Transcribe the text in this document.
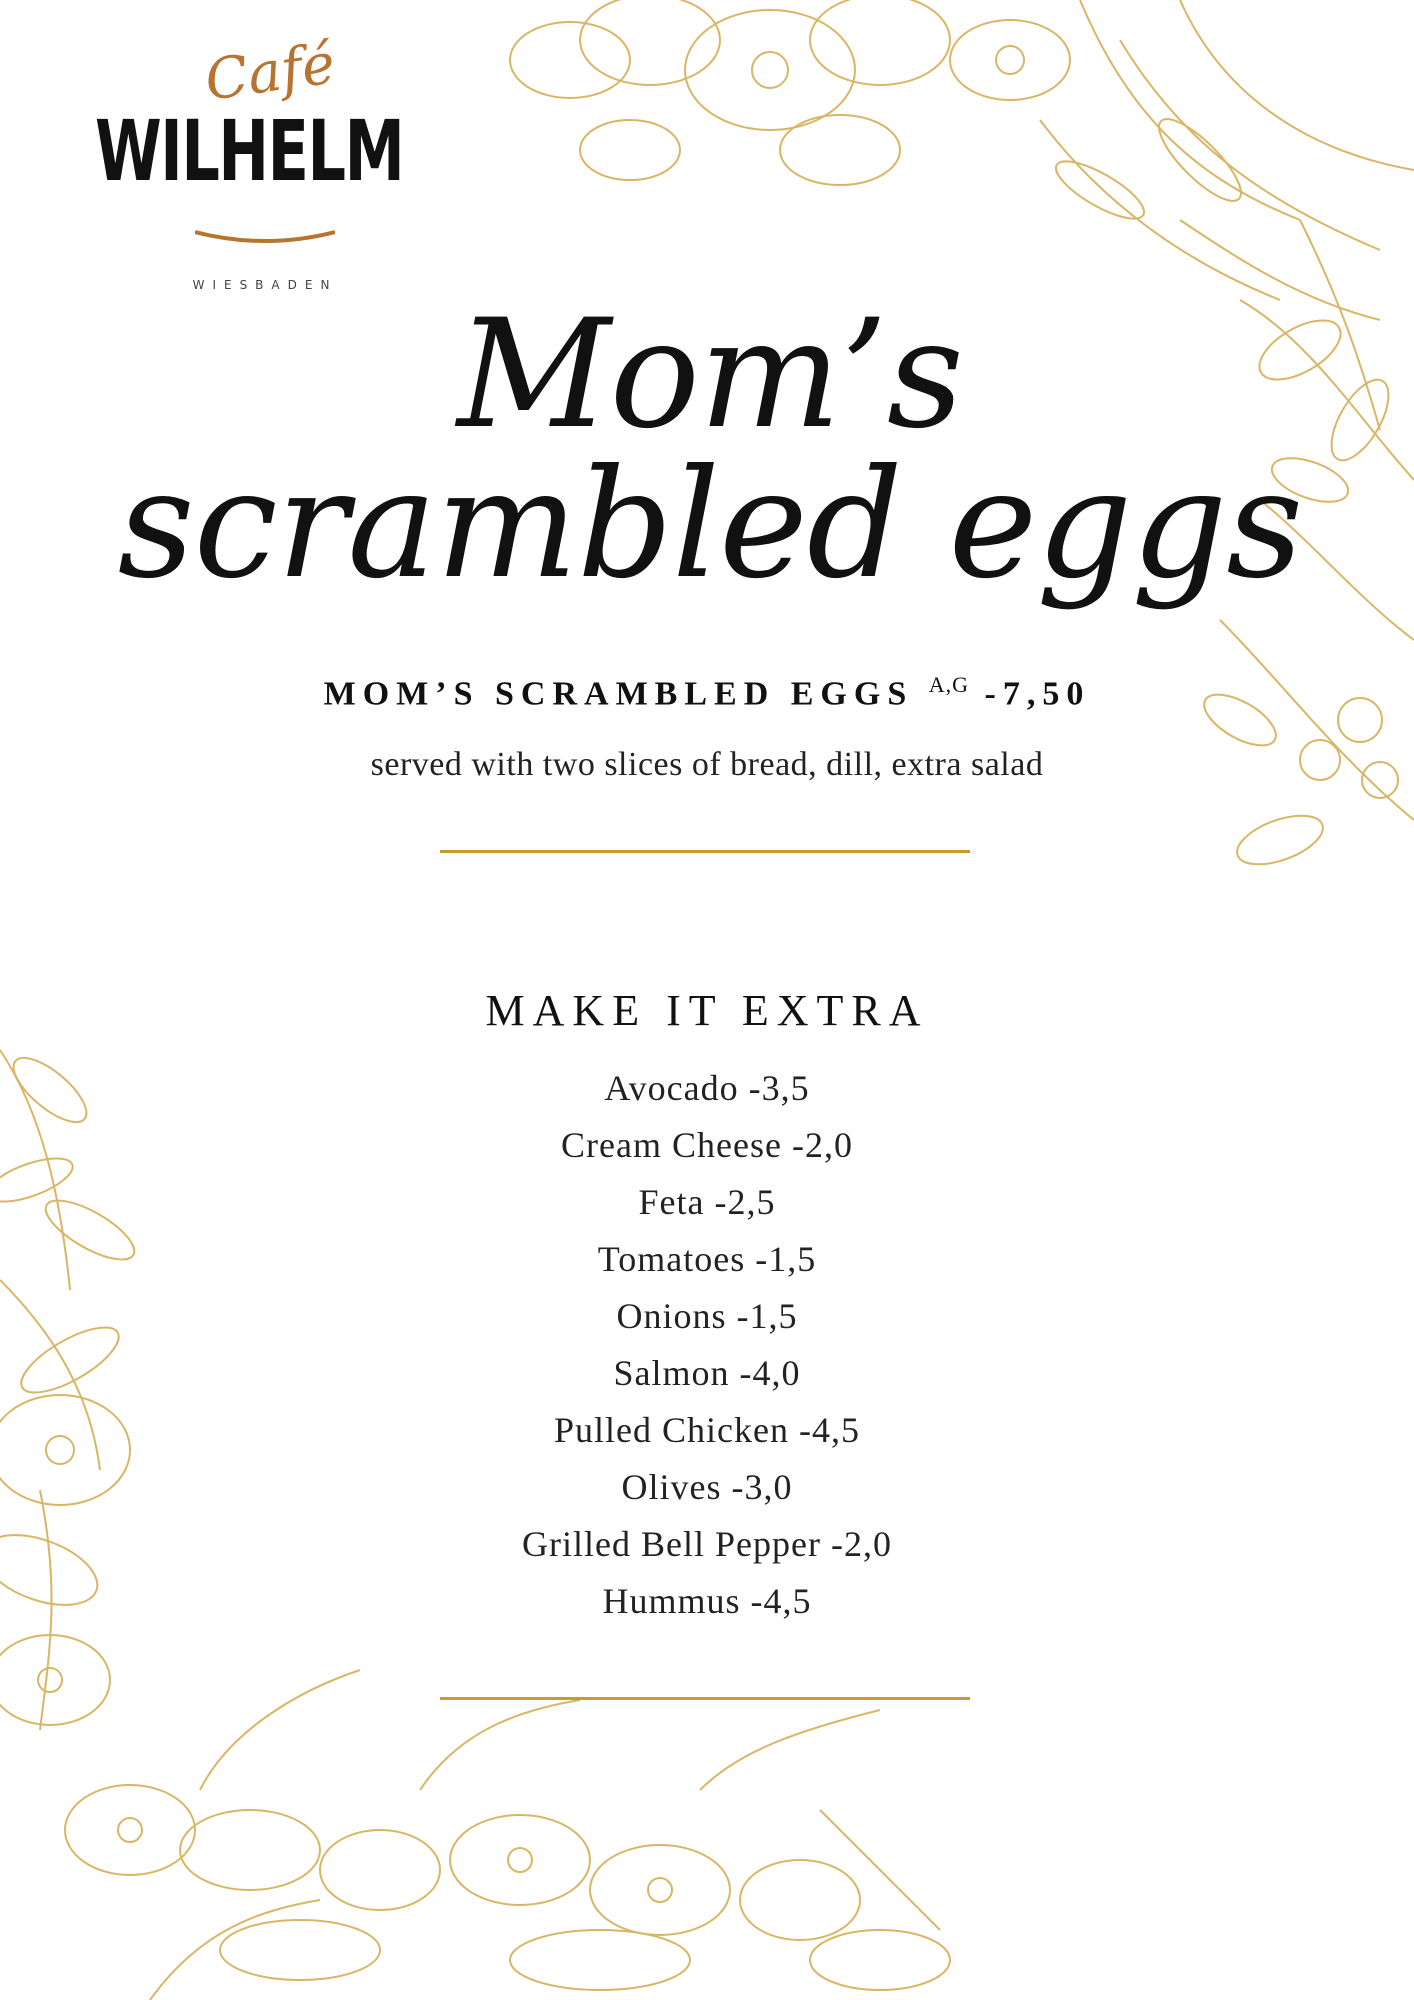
Café
WILHELM
WIESBADEN
Mom’s scrambled eggs
MOM’S SCRAMBLED EGGS $^{A,G}$ -7,50
served with two slices of bread, dill, extra salad
MAKE IT EXTRA
Avocado -3,5
Cream Cheese -2,0
Feta -2,5
Tomatoes -1,5
Onions -1,5
Salmon -4,0
Pulled Chicken -4,5
Olives -3,0
Grilled Bell Pepper -2,0
Hummus -4,5
